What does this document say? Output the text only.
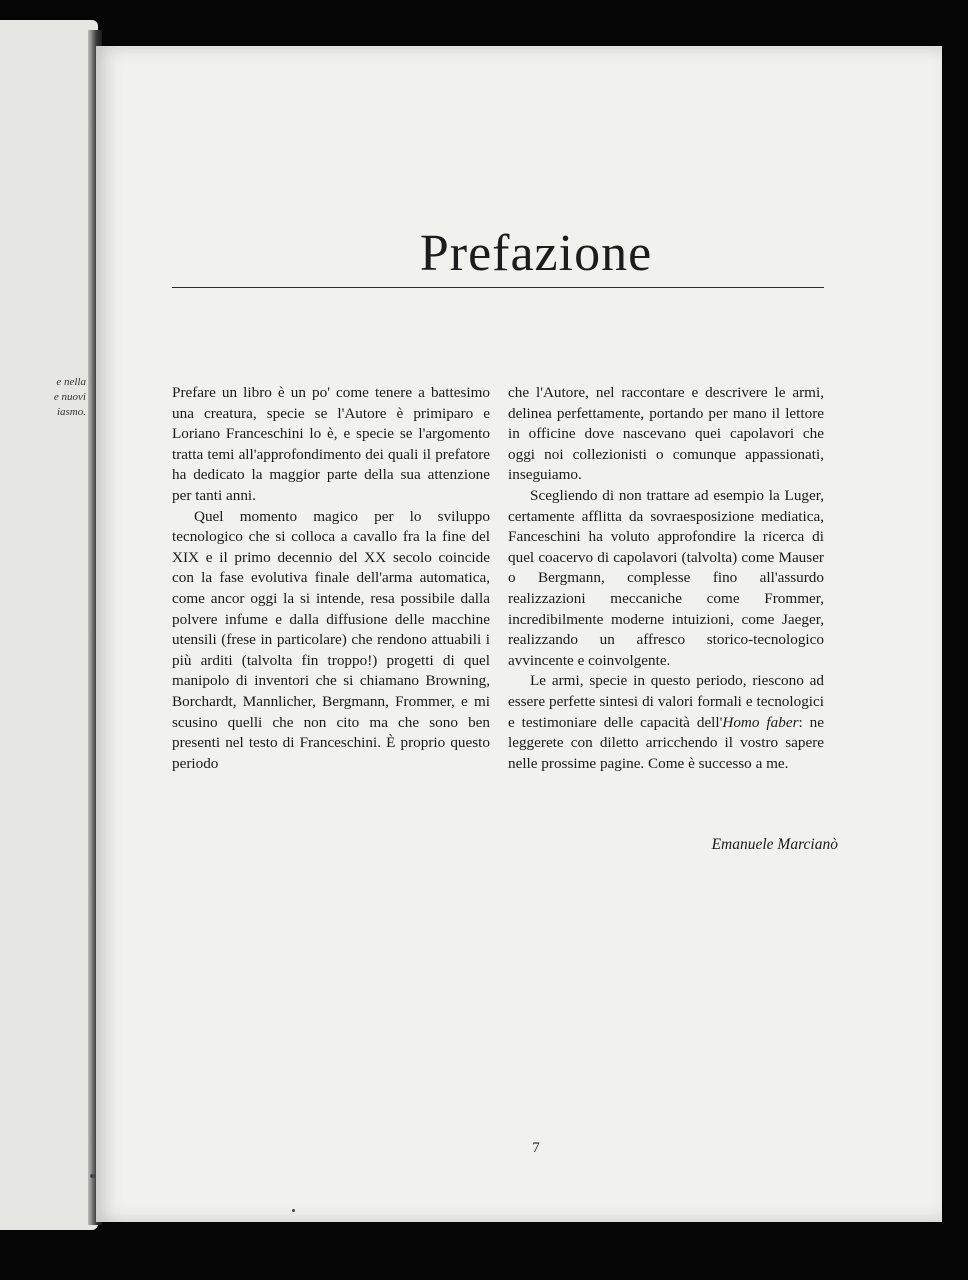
e nella
e nuovi
iasmo.
Prefazione

Prefare un libro è un po' come tenere a battesimo una creatura, specie se l'Autore è primiparo e Loriano Franceschini lo è, e specie se l'argomento tratta temi all'approfondimento dei quali il prefatore ha dedicato la maggior parte della sua attenzione per tanti anni.

Quel momento magico per lo sviluppo tecnologico che si colloca a cavallo fra la fine del XIX e il primo decennio del XX secolo coincide con la fase evolutiva finale dell'arma automatica, come ancor oggi la si intende, resa possibile dalla polvere infume e dalla diffusione delle macchine utensili (frese in particolare) che rendono attuabili i più arditi (talvolta fin troppo!) progetti di quel manipolo di inventori che si chiamano Browning, Borchardt, Mannlicher, Bergmann, Frommer, e mi scusino quelli che non cito ma che sono ben presenti nel testo di Franceschini. È proprio questo periodo

che l'Autore, nel raccontare e descrivere le armi, delinea perfettamente, portando per mano il lettore in officine dove nascevano quei capolavori che oggi noi collezionisti o comunque appassionati, inseguiamo.

Scegliendo di non trattare ad esempio la Luger, certamente afflitta da sovraesposizione mediatica, Fanceschini ha voluto approfondire la ricerca di quel coacervo di capolavori (talvolta) come Mauser o Bergmann, complesse fino all'assurdo realizzazioni meccaniche come Frommer, incredibilmente moderne intuizioni, come Jaeger, realizzando un affresco storico-tecnologico avvincente e coinvolgente.

Le armi, specie in questo periodo, riescono ad essere perfette sintesi di valori formali e tecnologici e testimoniare delle capacità dell'Homo faber: ne leggerete con diletto arricchendo il vostro sapere nelle prossime pagine. Come è successo a me.

Emanuele Marcianò
7
